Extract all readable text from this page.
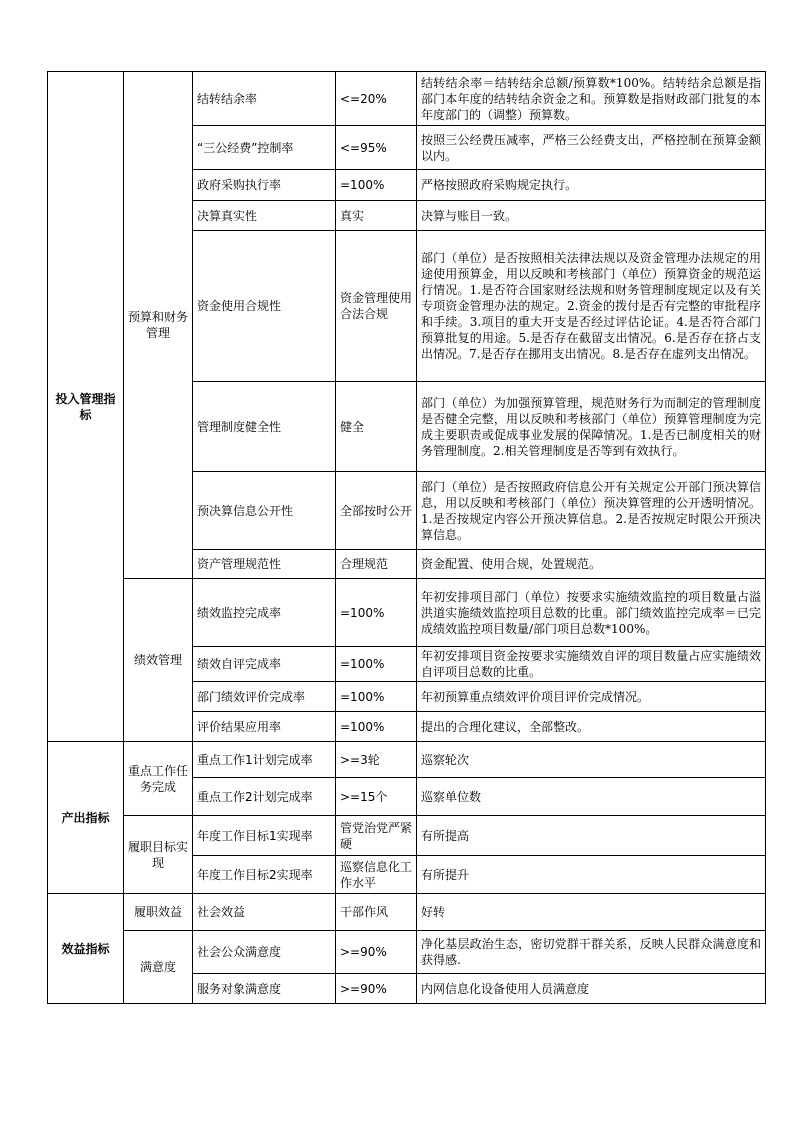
投入管理指标	预算和财务管理	结转结余率	<=20%	结转结余率＝结转结余总额/预算数*100%。结转结余总额是指部门本年度的结转结余资金之和。预算数是指财政部门批复的本年度部门的（调整）预算数。
		“三公经费”控制率	<=95%	按照三公经费压减率，严格三公经费支出，严格控制在预算金额以内。
		政府采购执行率	=100%	严格按照政府采购规定执行。
		决算真实性	真实	决算与账目一致。
		资金使用合规性	资金管理使用合法合规	部门（单位）是否按照相关法律法规以及资金管理办法规定的用途使用预算金，用以反映和考核部门（单位）预算资金的规范运行情况。1.是否符合国家财经法规和财务管理制度规定以及有关专项资金管理办法的规定。2.资金的拨付是否有完整的审批程序和手续。3.项目的重大开支是否经过评估论证。4.是否符合部门预算批复的用途。5.是否存在截留支出情况。6.是否存在挤占支出情况。7.是否存在挪用支出情况。8.是否存在虚列支出情况。
		管理制度健全性	健全	部门（单位）为加强预算管理，规范财务行为而制定的管理制度是否健全完整，用以反映和考核部门（单位）预算管理制度为完成主要职责或促成事业发展的保障情况。1.是否已制度相关的财务管理制度。2.相关管理制度是否等到有效执行。
		预决算信息公开性	全部按时公开	部门（单位）是否按照政府信息公开有关规定公开部门预决算信息，用以反映和考核部门（单位）预决算管理的公开透明情况。1.是否按规定内容公开预决算信息。2.是否按规定时限公开预决算信息。
		资产管理规范性	合理规范	资金配置、使用合规，处置规范。
	绩效管理	绩效监控完成率	=100%	年初安排项目部门（单位）按要求实施绩效监控的项目数量占溢洪道实施绩效监控项目总数的比重。部门绩效监控完成率＝已完成绩效监控项目数量/部门项目总数*100%。
		绩效自评完成率	=100%	年初安排项目资金按要求实施绩效自评的项目数量占应实施绩效自评项目总数的比重。
		部门绩效评价完成率	=100%	年初预算重点绩效评价项目评价完成情况。
		评价结果应用率	=100%	提出的合理化建议，全部整改。
产出指标	重点工作任务完成	重点工作1计划完成率	>=3轮	巡察轮次
		重点工作2计划完成率	>=15个	巡察单位数
	履职目标实现	年度工作目标1实现率	管党治党严紧硬	有所提高
		年度工作目标2实现率	巡察信息化工作水平	有所提升
效益指标	履职效益	社会效益	干部作风	好转
	满意度	社会公众满意度	>=90%	净化基层政治生态，密切党群干群关系，反映人民群众满意度和获得感.
		服务对象满意度	>=90%	内网信息化设备使用人员满意度
